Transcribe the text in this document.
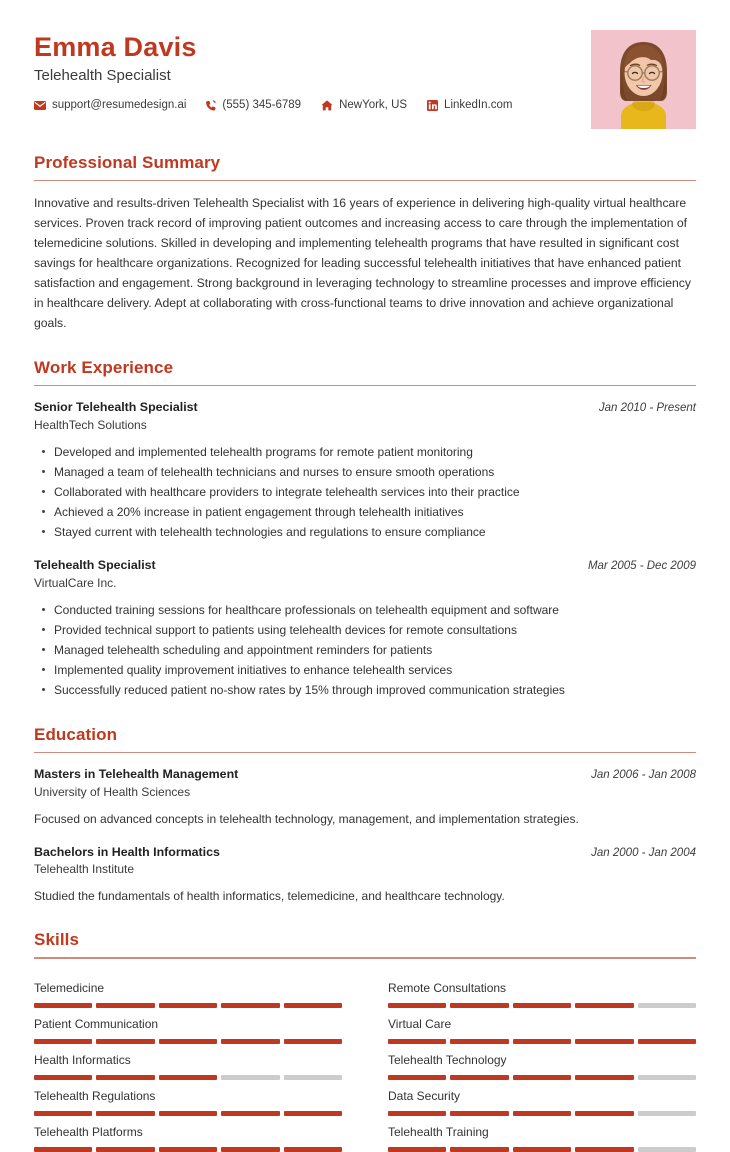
Emma Davis
Telehealth Specialist
support@resumedesign.ai	(555) 345-6789	NewYork, US	LinkedIn.com
Professional Summary

Innovative and results-driven Telehealth Specialist with 16 years of experience in delivering high-quality virtual healthcare services. Proven track record of improving patient outcomes and increasing access to care through the implementation of telemedicine solutions. Skilled in developing and implementing telehealth programs that have resulted in significant cost savings for healthcare organizations. Recognized for leading successful telehealth initiatives that have enhanced patient satisfaction and engagement. Strong background in leveraging technology to streamline processes and improve efficiency in healthcare delivery. Adept at collaborating with cross-functional teams to drive innovation and achieve organizational goals.

Work Experience
Senior Telehealth Specialist	Jan 2010 - Present
HealthTech Solutions
Developed and implemented telehealth programs for remote patient monitoring
Managed a team of telehealth technicians and nurses to ensure smooth operations
Collaborated with healthcare providers to integrate telehealth services into their practice
Achieved a 20% increase in patient engagement through telehealth initiatives
Stayed current with telehealth technologies and regulations to ensure compliance
Telehealth Specialist	Mar 2005 - Dec 2009
VirtualCare Inc.
Conducted training sessions for healthcare professionals on telehealth equipment and software
Provided technical support to patients using telehealth devices for remote consultations
Managed telehealth scheduling and appointment reminders for patients
Implemented quality improvement initiatives to enhance telehealth services
Successfully reduced patient no-show rates by 15% through improved communication strategies
Education
Masters in Telehealth Management	Jan 2006 - Jan 2008
University of Health Sciences
Focused on advanced concepts in telehealth technology, management, and implementation strategies.
Bachelors in Health Informatics	Jan 2000 - Jan 2004
Telehealth Institute
Studied the fundamentals of health informatics, telemedicine, and healthcare technology.
Skills
Telemedicine	Remote Consultations
Patient Communication	Virtual Care
Health Informatics	Telehealth Technology
Telehealth Regulations	Data Security
Telehealth Platforms	Telehealth Training
